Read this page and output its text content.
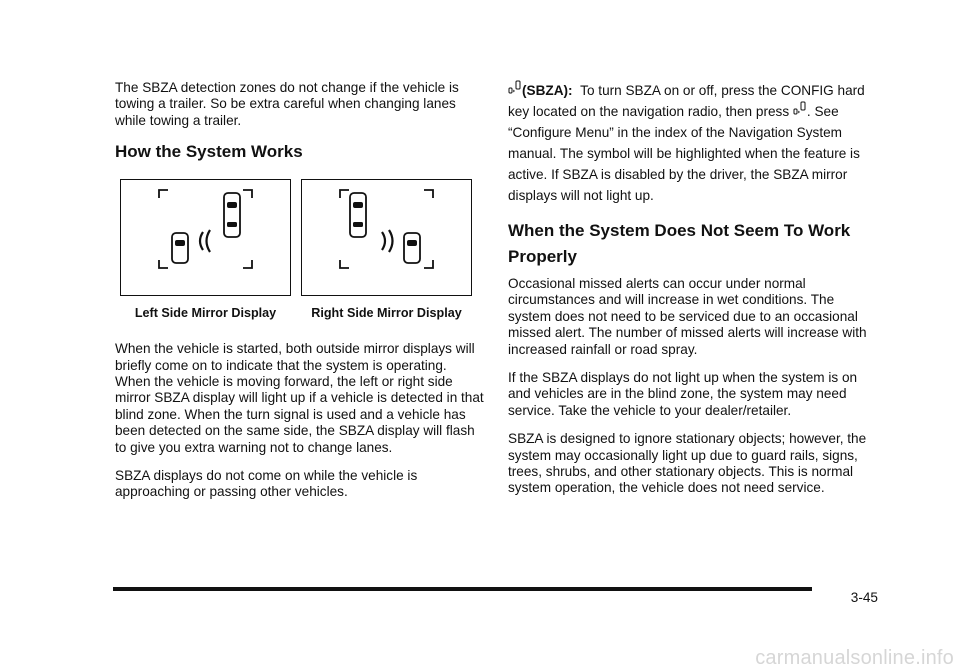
The SBZA detection zones do not change if the vehicle is towing a trailer. So be extra careful when changing lanes while towing a trailer.

How the System Works
Left Side Mirror Display	Right Side Mirror Display

When the vehicle is started, both outside mirror displays will briefly come on to indicate that the system is operating. When the vehicle is moving forward, the left or right side mirror SBZA display will light up if a vehicle is detected in that blind zone. When the turn signal is used and a vehicle has been detected on the same side, the SBZA display will flash to give you extra warning not to change lanes.

SBZA displays do not come on while the vehicle is approaching or passing other vehicles.

(SBZA): To turn SBZA on or off, press the CONFIG hard key located on the navigation radio, then press . See “Configure Menu” in the index of the Navigation System manual. The symbol will be highlighted when the feature is active. If SBZA is disabled by the driver, the SBZA mirror displays will not light up.

When the System Does Not Seem To Work Properly

Occasional missed alerts can occur under normal circumstances and will increase in wet conditions. The system does not need to be serviced due to an occasional missed alert. The number of missed alerts will increase with increased rainfall or road spray.

If the SBZA displays do not light up when the system is on and vehicles are in the blind zone, the system may need service. Take the vehicle to your dealer/retailer.

SBZA is designed to ignore stationary objects; however, the system may occasionally light up due to guard rails, signs, trees, shrubs, and other stationary objects. This is normal system operation, the vehicle does not need service.

3-45
carmanualsonline.info
